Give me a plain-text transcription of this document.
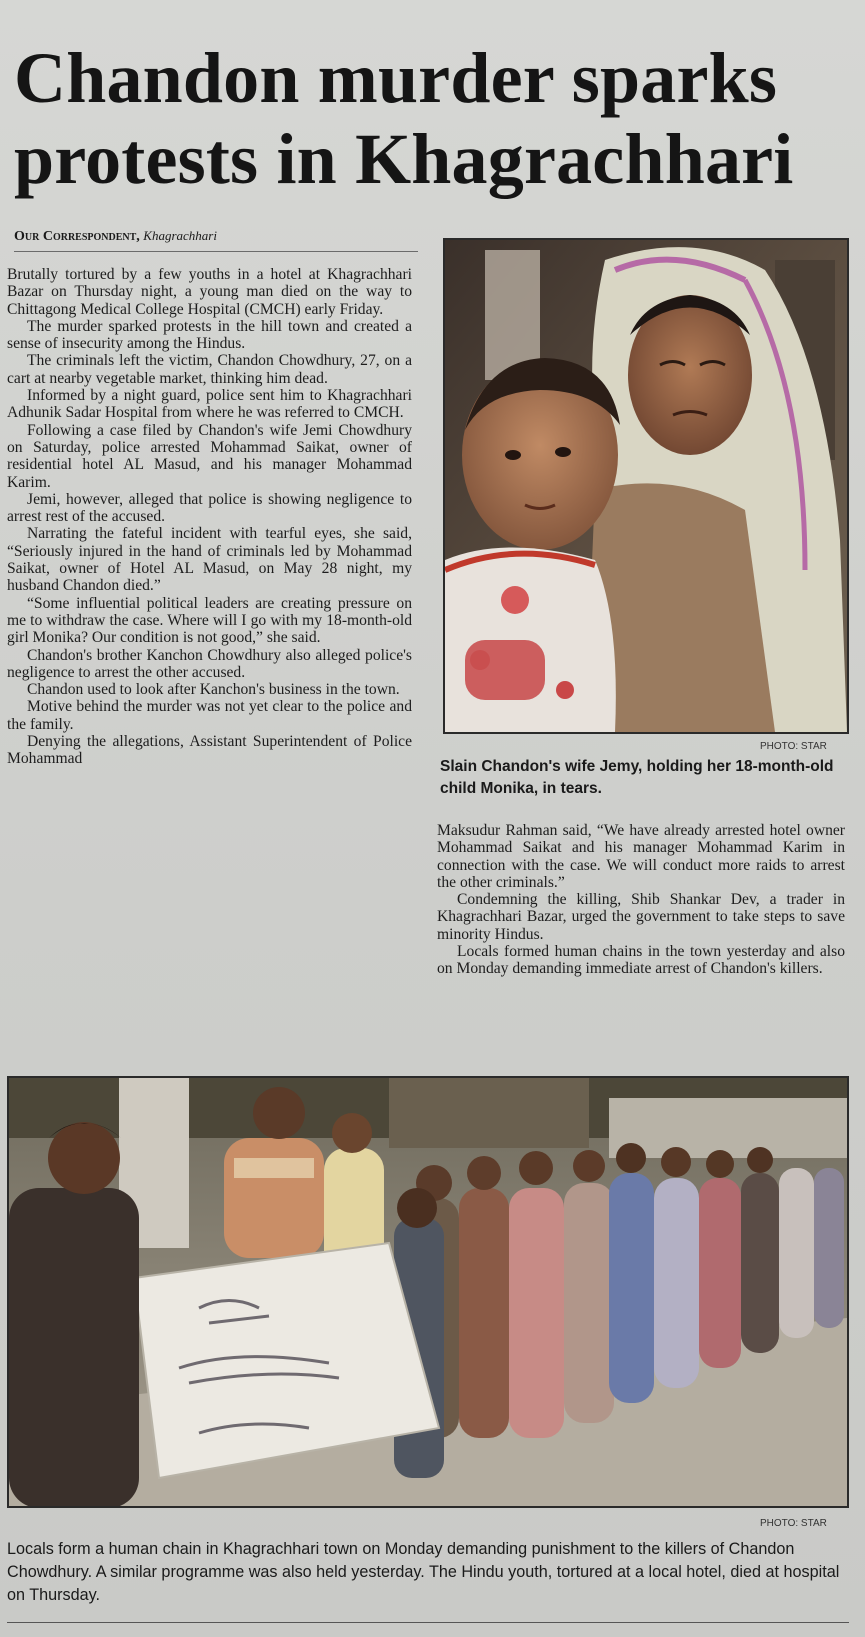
Chandon murder sparks protests in Khagrachhari
Our Correspondent, Khagrachhari

Brutally tortured by a few youths in a hotel at Khagrachhari Bazar on Thursday night, a young man died on the way to Chittagong Medical College Hospital (CMCH) early Friday.

The murder sparked protests in the hill town and created a sense of insecurity among the Hindus.

The criminals left the victim, Chandon Chowdhury, 27, on a cart at nearby vegetable market, thinking him dead.

Informed by a night guard, police sent him to Khagrachhari Adhunik Sadar Hospital from where he was referred to CMCH.

Following a case filed by Chandon's wife Jemi Chowdhury on Saturday, police arrested Mohammad Saikat, owner of residential hotel AL Masud, and his manager Mohammad Karim.

Jemi, however, alleged that police is showing negligence to arrest rest of the accused.

Narrating the fateful incident with tearful eyes, she said, “Seriously injured in the hand of criminals led by Mohammad Saikat, owner of Hotel AL Masud, on May 28 night, my husband Chandon died.”

“Some influential political leaders are creating pressure on me to withdraw the case. Where will I go with my 18-month-old girl Monika? Our condition is not good,” she said.

Chandon's brother Kanchon Chowdhury also alleged police's negligence to arrest the other accused.

Chandon used to look after Kanchon's business in the town.

Motive behind the murder was not yet clear to the police and the family.

Denying the allegations, Assistant Superintendent of Police Mohammad

PHOTO: STAR
Slain Chandon's wife Jemy, holding her 18-month-old child Monika, in tears.

Maksudur Rahman said, “We have already arrested hotel owner Mohammad Saikat and his manager Mohammad Karim in connection with the case. We will conduct more raids to arrest the other criminals.”

Condemning the killing, Shib Shankar Dev, a trader in Khagrachhari Bazar, urged the government to take steps to save minority Hindus.

Locals formed human chains in the town yesterday and also on Monday demanding immediate arrest of Chandon's killers.

PHOTO: STAR
Locals form a human chain in Khagrachhari town on Monday demanding punishment to the killers of Chandon Chowdhury. A similar programme was also held yesterday. The Hindu youth, tortured at a local hotel, died at hospital on Thursday.
